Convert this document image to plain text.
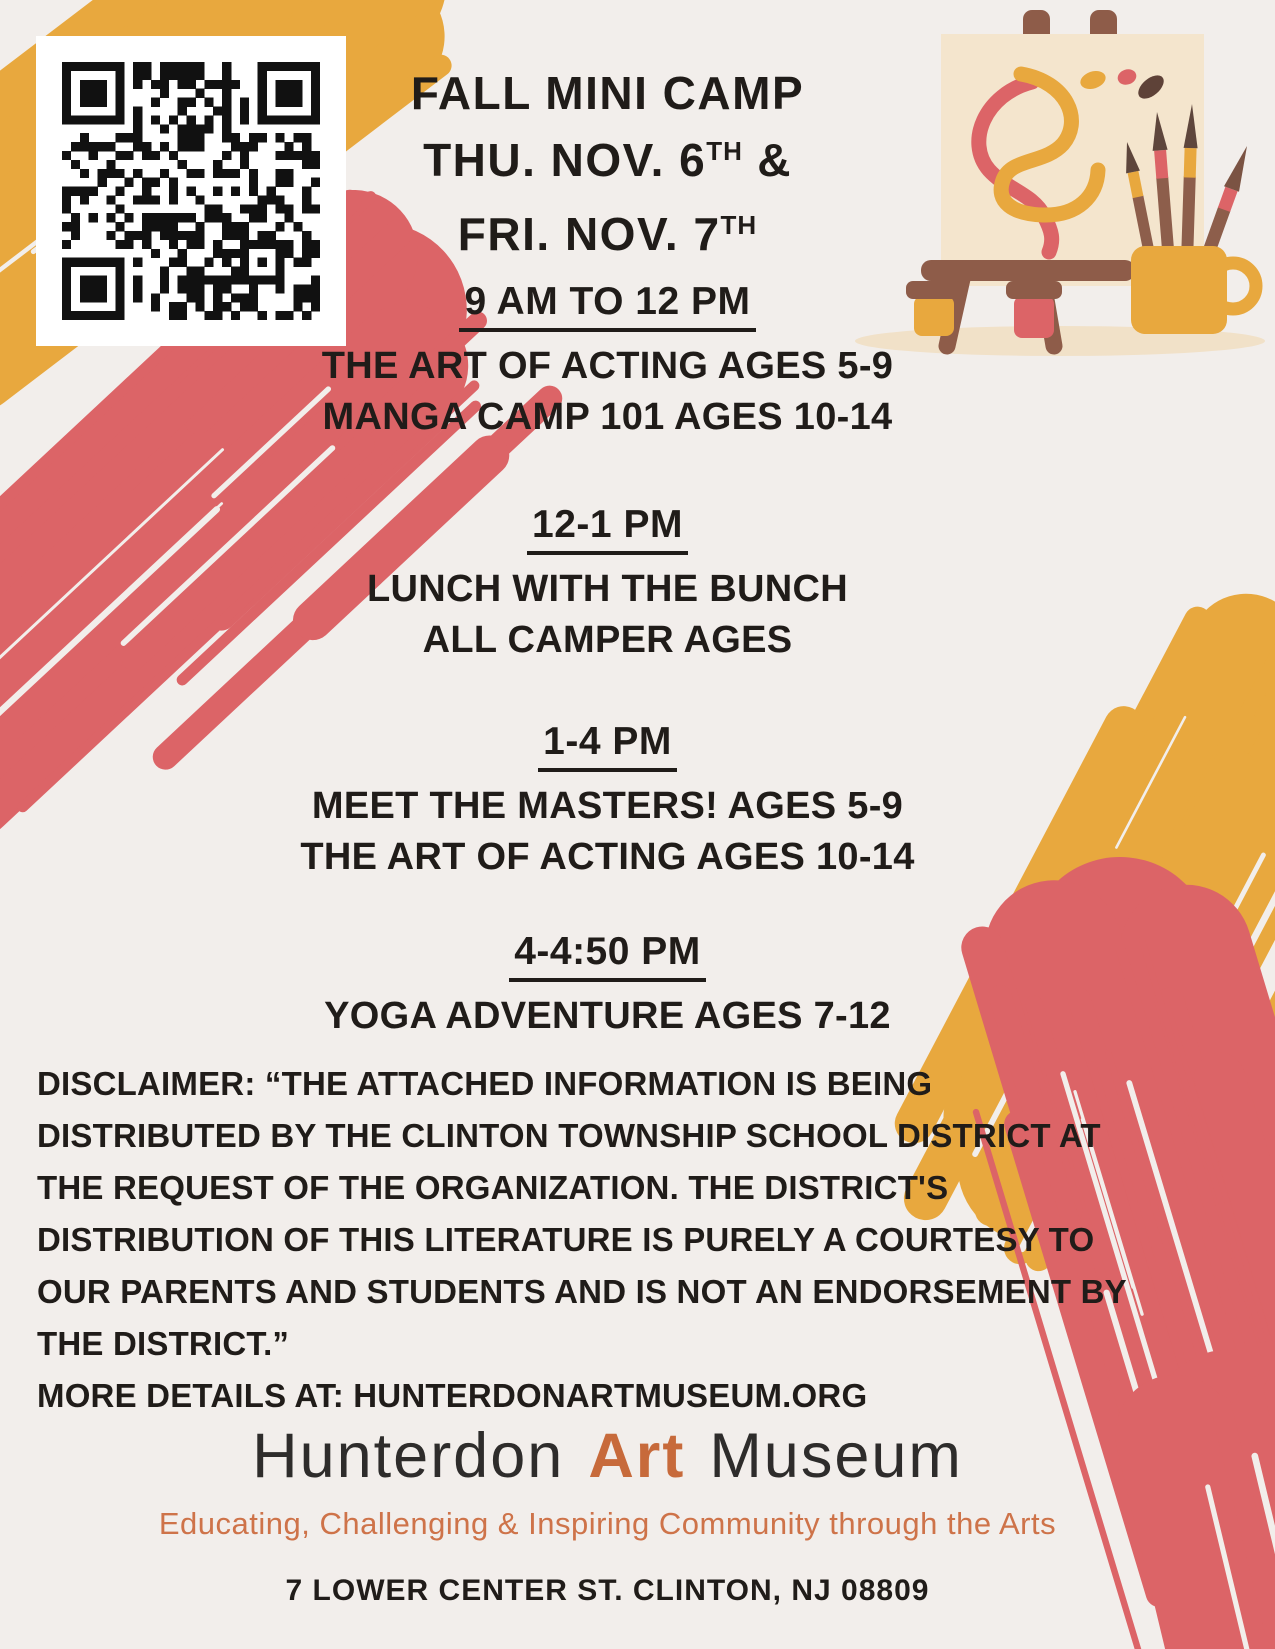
FALL MINI CAMP
THU. NOV. 6TH &
FRI. NOV. 7TH
9 AM TO 12 PM
THE ART OF ACTING AGES 5-9
MANGA CAMP 101 AGES 10-14
12-1 PM
LUNCH WITH THE BUNCH
ALL CAMPER AGES
1-4 PM
MEET THE MASTERS! AGES 5-9
THE ART OF ACTING AGES 10-14
4-4:50 PM
YOGA ADVENTURE AGES 7-12
DISCLAIMER: “THE ATTACHED INFORMATION IS BEING
DISTRIBUTED BY THE CLINTON TOWNSHIP SCHOOL DISTRICT AT
THE REQUEST OF THE ORGANIZATION. THE DISTRICT'S
DISTRIBUTION OF THIS LITERATURE IS PURELY A COURTESY TO
OUR PARENTS AND STUDENTS AND IS NOT AN ENDORSEMENT BY
THE DISTRICT.”
MORE DETAILS AT: HUNTERDONARTMUSEUM.ORG
Hunterdon Art Museum
Educating, Challenging & Inspiring Community through the Arts
7 LOWER CENTER ST. CLINTON, NJ 08809
